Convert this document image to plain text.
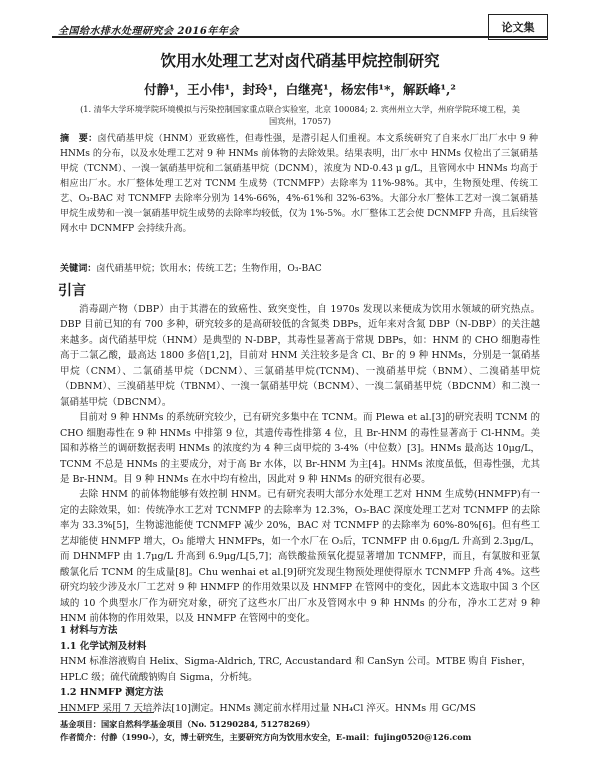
全国给水排水处理研究会 2016年年会	论文集
饮用水处理工艺对卤代硝基甲烷控制研究
付静¹，王小伟¹，封玲¹，白继亮¹，杨宏伟¹*，解跃峰¹,²
(1. 清华大学环境学院环境模拟与污染控制国家重点联合实验室，北京 100084; 2. 宾州州立大学，州府学院环境工程，美国宾州，17057)
摘　要：卤代硝基甲烷（HNM）亚致癌性，但毒性强，是潜引起人们重视。本文系统研究了自来水厂出厂水中 9 种 HNMs 的分布，以及水处理工艺对 9 种 HNMs 前体物的去除效果。结果表明，出厂水中 HNMs 仅检出了三氯硝基甲烷（TCNM）、一溴一氯硝基甲烷和二氯硝基甲烷（DCNM），浓度为 ND-0.43 μ g/L，且管网水中 HNMs 均高于相应出厂水。水厂整体处理工艺对 TCNM 生成势（TCNMFP）去除率为 11%-98%。其中，生物预处理、传统工艺、O₃-BAC 对 TCNMFP 去除率分别为 14%-66%，4%-61%和 32%-63%。大部分水厂整体工艺对一溴二氯硝基甲烷生成势和一溴一氯硝基甲烷生成势的去除率均较低，仅为 1%-5%。水厂整体工艺会使 DCNMFP 升高，且后续管网水中 DCNMFP 会持续升高。
关键词：卤代硝基甲烷；饮用水；传统工艺；生物作用，O₃-BAC
引言

消毒副产物（DBP）由于其潜在的致癌性、致突变性，自 1970s 发现以来便成为饮用水领域的研究热点。DBP 目前已知的有 700 多种，研究较多的是高研较低的含氮类 DBPs，近年来对含氮 DBP（N-DBP）的关注越来越多。卤代硝基甲烷（HNM）是典型的 N-DBP，其毒性显著高于常规 DBPs，如：HNM 的 CHO 细胞毒性高于二氯乙酸，最高达 1800 多倍[1,2]，目前对 HNM 关注较多是含 Cl、Br 的 9 种 HNMs，分别是一氯硝基甲烷（CNM）、二氯硝基甲烷（DCNM）、三氯硝基甲烷(TCNM)、一溴硝基甲烷（BNM）、二溴硝基甲烷（DBNM）、三溴硝基甲烷（TBNM）、一溴一氯硝基甲烷（BCNM）、一溴二氯硝基甲烷（BDCNM）和二溴一氯硝基甲烷（DBCNM）。

目前对 9 种 HNMs 的系统研究较少，已有研究多集中在 TCNM。而 Plewa et al.[3]的研究表明 TCNM 的 CHO 细胞毒性在 9 种 HNMs 中排第 9 位，其遗传毒性排第 4 位，且 Br-HNM 的毒性显著高于 Cl-HNM。美国和苏格兰的调研数据表明 HNMs 的浓度约为 4 种三卤甲烷的 3-4%（中位数）[3]。HNMs 最高达 10μg/L，TCNM 不总是 HNMs 的主要成分，对于高 Br 水体，以 Br-HNM 为主[4]。HNMs 浓度虽低，但毒性强，尤其是 Br-HNM。目 9 种 HNMs 在水中均有检出，因此对 9 种 HNMs 的研究很有必要。

去除 HNM 的前体物能够有效控制 HNM。已有研究表明大部分水处理工艺对 HNM 生成势(HNMFP)有一定的去除效果，如：传统净水工艺对 TCNMFP 的去除率为 12.3%，O₃-BAC 深度处理工艺对 TCNMFP 的去除率为 33.3%[5]，生物滤池能使 TCNMFP 减少 20%，BAC 对 TCNMFP 的去除率为 60%-80%[6]。但有些工艺却能使 HNMFP 增大，O₃ 能增大 HNMFPs，如一个水厂在 O₃后，TCNMFP 由 0.6μg/L 升高到 2.3μg/L，而 DHNMFP 由 1.7μg/L 升高到 6.9μg/L[5,7]；高铁酸盐预氧化提显著增加 TCNMFP，而且，有氯胺和亚氯酸氯化后 TCNM 的生成量[8]。Chu wenhai et al.[9]研究发现生物预处理使得原水 TCNMFP 升高 4%。这些研究均较少涉及水厂工艺对 9 种 HNMFP 的作用效果以及 HNMFP 在管网中的变化，因此本文选取中国 3 个区域的 10 个典型水厂作为研究对象，研究了这些水厂出厂水及管网水中 9 种 HNMs 的分布，净水工艺对 9 种 HNM 前体物的作用效果，以及 HNMFP 在管网中的变化。

1 材料与方法

1.1 化学试剂及材料

HNM 标准溶液购自 Helix、Sigma-Aldrich, TRC, Accustandard 和 CanSyn 公司。MTBE 购自 Fisher，HPLC 级；硫代硫酸钠购自 Sigma，分析纯。

1.2 HNMFP 测定方法

HNMFP 采用 7 天培养法[10]测定。HNMs 测定前水样用过量 NH₄Cl 淬灭。HNMs 用 GC/MS

基金项目：国家自然科学基金项目（No. 51290284, 51278269）
作者简介：付静（1990-），女，博士研究生，主要研究方向为饮用水安全，E-mail：fujing0520@126.com
